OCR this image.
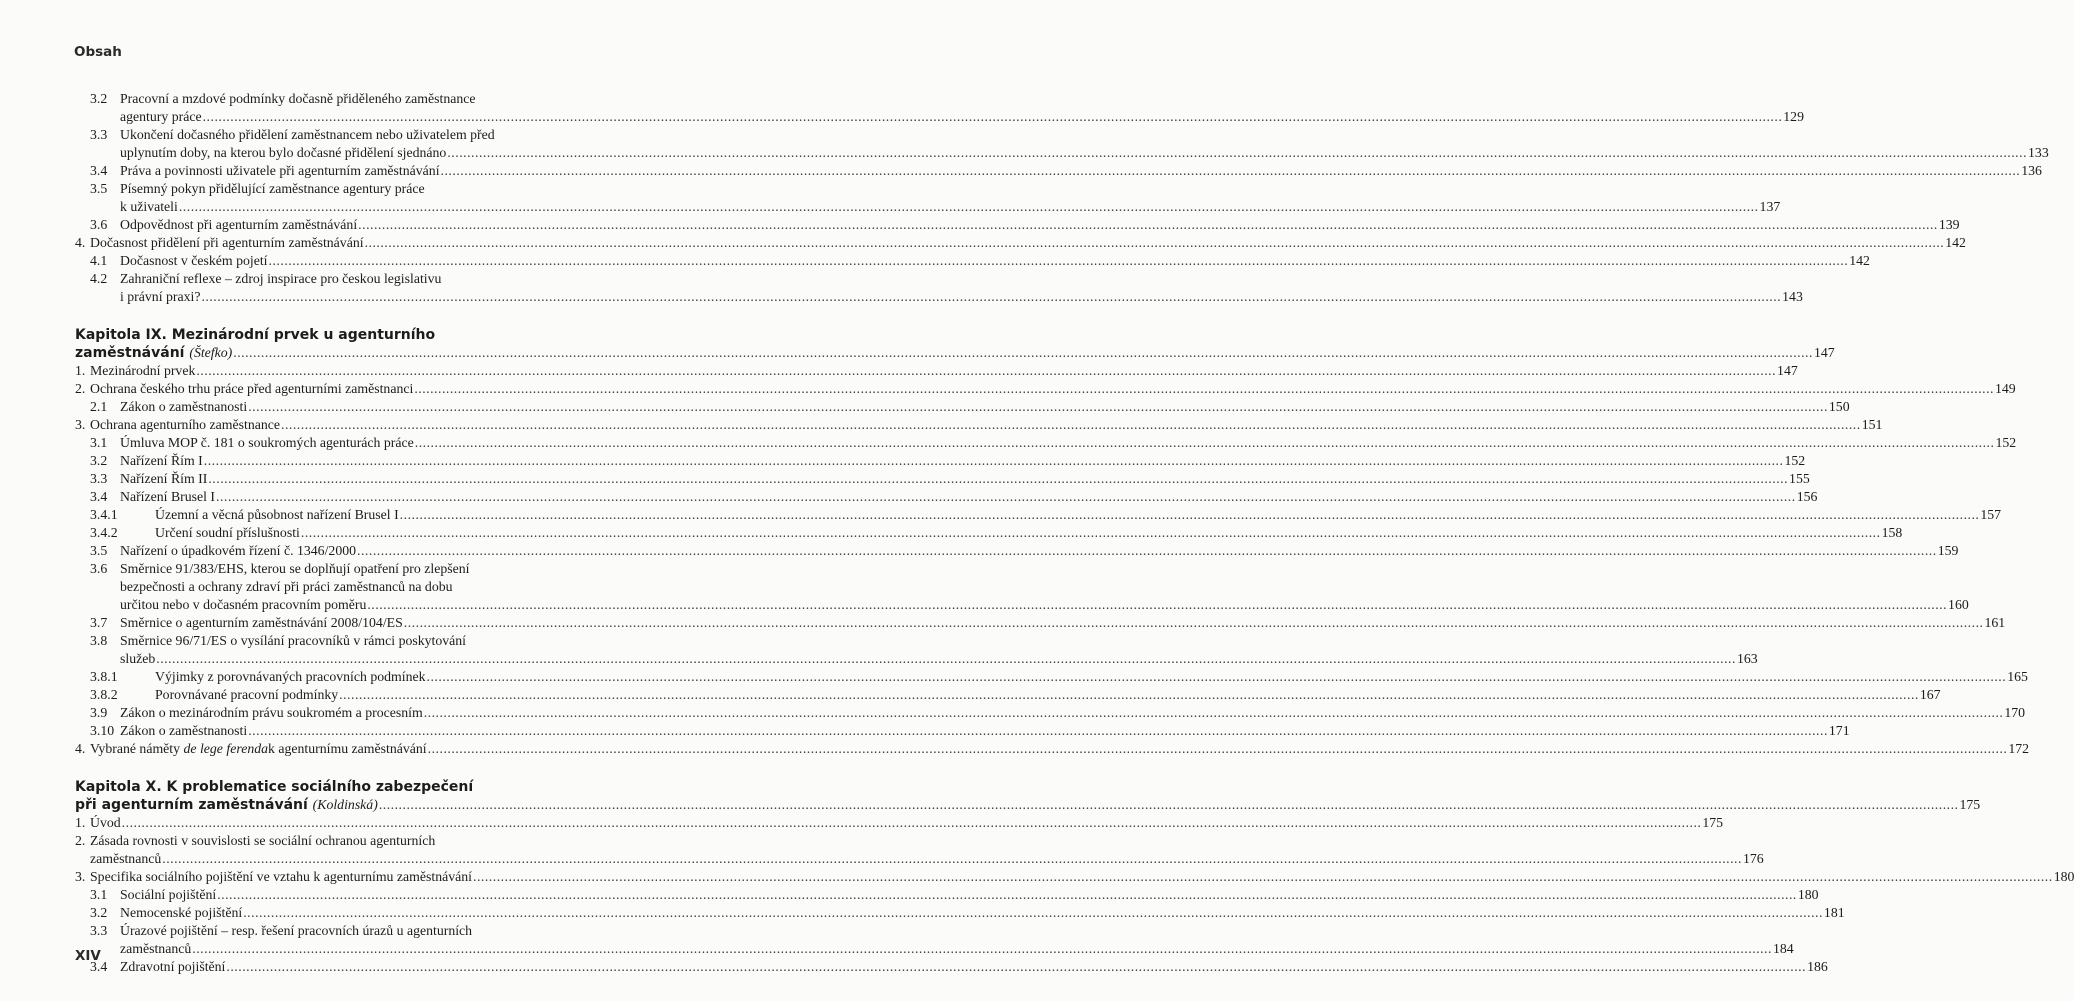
Obsah
3.2 Pracovní a mzdové podmínky dočasně přiděleného zaměstnance
agentury práce ................................................................................................................................................................................................................................................................................................................................................................................................................ 129
3.3 Ukončení dočasného přidělení zaměstnancem nebo uživatelem před
uplynutím doby, na kterou bylo dočasné přidělení sjednáno ................................................................................................................................................................................................................................................................................................................................................................................................................ 133
3.4 Práva a povinnosti uživatele při agenturním zaměstnávání ................................................................................................................................................................................................................................................................................................................................................................................................................ 136
3.5 Písemný pokyn přidělující zaměstnance agentury práce
k uživateli ................................................................................................................................................................................................................................................................................................................................................................................................................ 137
3.6 Odpovědnost při agenturním zaměstnávání ................................................................................................................................................................................................................................................................................................................................................................................................................ 139
4. Dočasnost přidělení při agenturním zaměstnávání ................................................................................................................................................................................................................................................................................................................................................................................................................ 142
4.1 Dočasnost v českém pojetí ................................................................................................................................................................................................................................................................................................................................................................................................................ 142
4.2 Zahraniční reflexe – zdroj inspirace pro českou legislativu
i právní praxi? ................................................................................................................................................................................................................................................................................................................................................................................................................ 143
Kapitola IX. Mezinárodní prvek u agenturního
zaměstnávání
(Štefko) ................................................................................................................................................................................................................................................................................................................................................................................................................ 147
1. Mezinárodní prvek ................................................................................................................................................................................................................................................................................................................................................................................................................ 147
2. Ochrana českého trhu práce před agenturními zaměstnanci ................................................................................................................................................................................................................................................................................................................................................................................................................ 149
2.1 Zákon o zaměstnanosti ................................................................................................................................................................................................................................................................................................................................................................................................................ 150
3. Ochrana agenturního zaměstnance ................................................................................................................................................................................................................................................................................................................................................................................................................ 151
3.1 Úmluva MOP č. 181 o soukromých agenturách práce ................................................................................................................................................................................................................................................................................................................................................................................................................ 152
3.2 Nařízení Řím I ................................................................................................................................................................................................................................................................................................................................................................................................................ 152
3.3 Nařízení Řím II ................................................................................................................................................................................................................................................................................................................................................................................................................ 155
3.4 Nařízení Brusel I ................................................................................................................................................................................................................................................................................................................................................................................................................ 156
3.4.1	Územní a věcná působnost nařízení Brusel I ................................................................................................................................................................................................................................................................................................................................................................................................................ 157
3.4.2	Určení soudní příslušnosti ................................................................................................................................................................................................................................................................................................................................................................................................................ 158
3.5 Nařízení o úpadkovém řízení č. 1346/2000 ................................................................................................................................................................................................................................................................................................................................................................................................................ 159
3.6 Směrnice 91/383/EHS, kterou se doplňují opatření pro zlepšení
bezpečnosti a ochrany zdraví při práci zaměstnanců na dobu
určitou nebo v dočasném pracovním poměru ................................................................................................................................................................................................................................................................................................................................................................................................................ 160
3.7 Směrnice o agenturním zaměstnávání 2008/104/ES ................................................................................................................................................................................................................................................................................................................................................................................................................ 161
3.8 Směrnice 96/71/ES o vysílání pracovníků v rámci poskytování
služeb ................................................................................................................................................................................................................................................................................................................................................................................................................ 163
3.8.1	Výjimky z porovnávaných pracovních podmínek ................................................................................................................................................................................................................................................................................................................................................................................................................ 165
3.8.2	Porovnávané pracovní podmínky ................................................................................................................................................................................................................................................................................................................................................................................................................ 167
3.9 Zákon o mezinárodním právu soukromém a procesním ................................................................................................................................................................................................................................................................................................................................................................................................................ 170
3.10 Zákon o zaměstnanosti ................................................................................................................................................................................................................................................................................................................................................................................................................ 171
4. Vybrané náměty
de lege ferenda k agenturnímu zaměstnávání ................................................................................................................................................................................................................................................................................................................................................................................................................ 172
Kapitola X. K problematice sociálního zabezpečení
při agenturním zaměstnávání
(Koldinská) ................................................................................................................................................................................................................................................................................................................................................................................................................ 175
1. Úvod ................................................................................................................................................................................................................................................................................................................................................................................................................ 175
2. Zásada rovnosti v souvislosti se sociální ochranou agenturních
zaměstnanců ................................................................................................................................................................................................................................................................................................................................................................................................................ 176
3. Specifika sociálního pojištění ve vztahu k agenturnímu zaměstnávání ................................................................................................................................................................................................................................................................................................................................................................................................................ 180
3.1 Sociální pojištění ................................................................................................................................................................................................................................................................................................................................................................................................................ 180
3.2 Nemocenské pojištění ................................................................................................................................................................................................................................................................................................................................................................................................................ 181
3.3 Úrazové pojištění – resp. řešení pracovních úrazů u agenturních
zaměstnanců ................................................................................................................................................................................................................................................................................................................................................................................................................ 184
3.4 Zdravotní pojištění ................................................................................................................................................................................................................................................................................................................................................................................................................ 186
XIV
